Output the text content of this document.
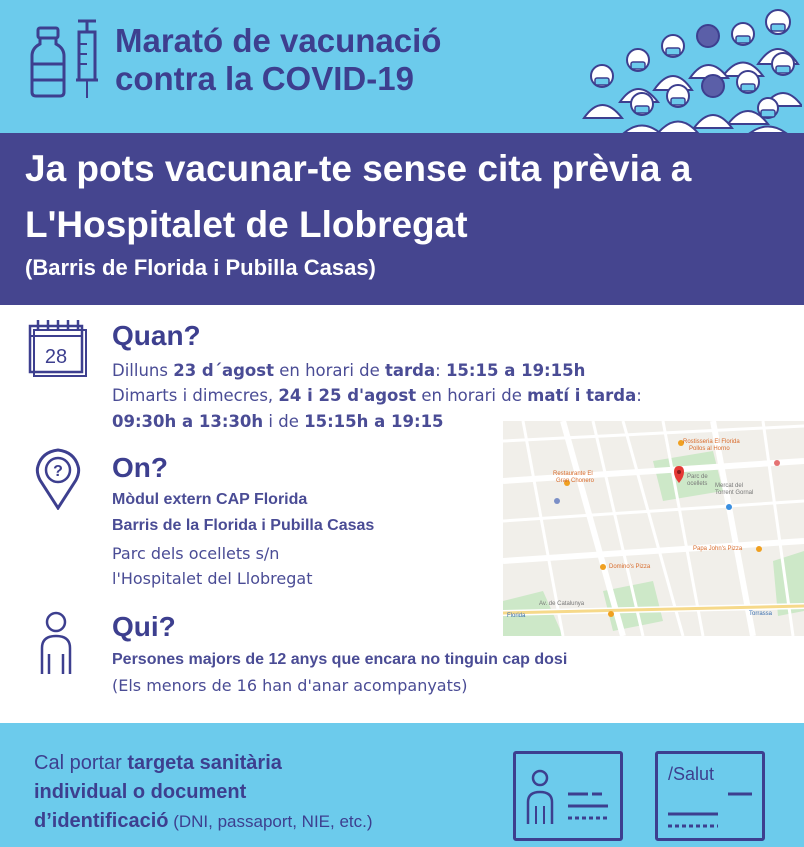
Marató de vacunació
contra la COVID-19
Ja pots vacunar-te sense cita prèvia a
L'Hospitalet de Llobregat
(Barris de Florida i Pubilla Casas)
28
Quan?
Dilluns 23 d´agost en horari de tarda: 15:15 a 19:15h
Dimarts i dimecres, 24 i 25 d'agost en horari de matí i tarda:
09:30h a 13:30h i de 15:15h a 19:15
? On?
Mòdul extern CAP Florida
Barris de la Florida i Pubilla Casas
Parc dels ocellets s/n
l'Hospitalet del Llobregat
Rostisseria El Florida
Pollos al Horno
Restaurante El
Gran Chonero
Parc de
ocellets Mercat del
Torrent Gornal
Papa John's Pizza
Domino's Pizza
Florida	Torrassa
Av. de Catalunya
Qui?
Persones majors de 12 anys que encara no tinguin cap dosi
(Els menors de 16 han d'anar acompanyats)
Cal portar targeta sanitària
individual o document
d’identificació (DNI, passaport, NIE, etc.)
/Salut
